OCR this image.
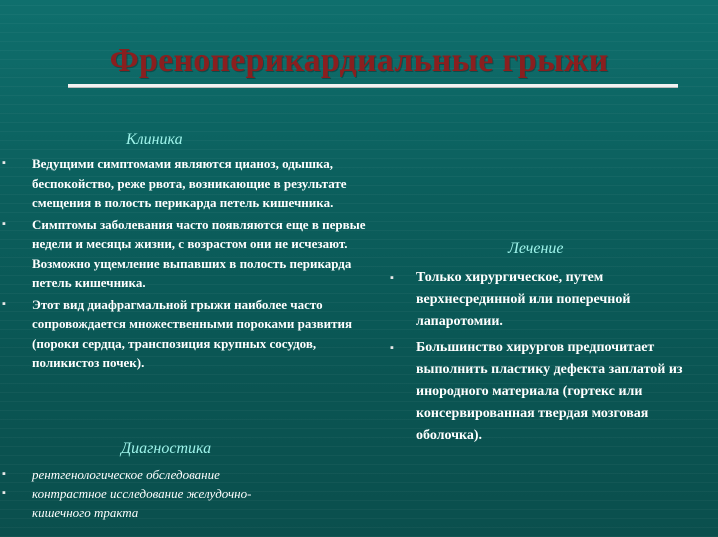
Френоперикардиальные грыжи
Клиника
▪ Ведущими симптомами являются цианоз, одышка, беспокойство, реже рвота, возникающие в результате смещения в полость перикарда петель кишечника.
▪ Симптомы заболевания часто появляются еще в первые недели и месяцы жизни, с возрастом они не исчезают. Возможно ущемление выпавших в полость перикарда петель кишечника.
▪ Этот вид диафрагмальной грыжи наиболее часто сопровождается множественными пороками развития (пороки сердца, транспозиция крупных сосудов, поликистоз почек).
Диагностика
▪ рентгенологическое обследование
▪ контрастное исследование желудочно-кишечного тракта
Лечение
▪ Только хирургическое, путем верхнесрединной или поперечной лапаротомии.
▪ Большинство хирургов предпочитает выполнить пластику дефекта заплатой из инородного материала (гортекс или консервированная твердая мозговая оболочка).
